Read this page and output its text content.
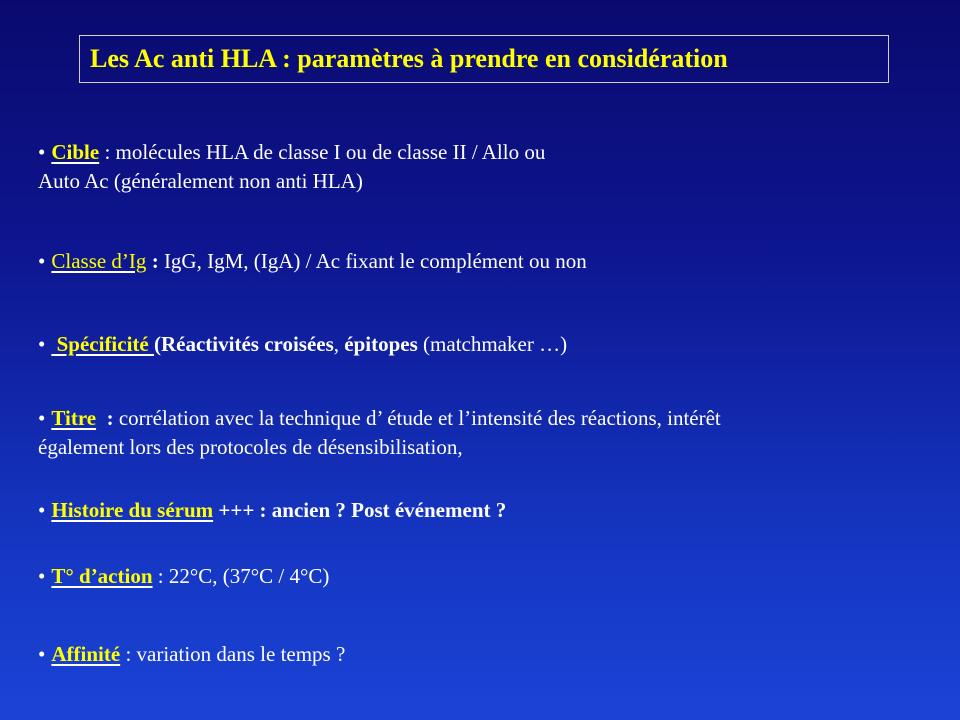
Les Ac anti HLA : paramètres à prendre en considération
• Cible : molécules HLA de classe I ou de classe II / Allo ou
Auto Ac (généralement non anti HLA)
• Classe d’Ig : IgG, IgM, (IgA) / Ac fixant le complément ou non
• Spécificité (Réactivités croisées, épitopes (matchmaker …)
• Titre  : corrélation avec la technique d’ étude et l’intensité des réactions, intérêt
également lors des protocoles de désensibilisation,
• Histoire du sérum +++ : ancien ? Post événement ?
• T° d’action : 22°C, (37°C / 4°C)
• Affinité : variation dans le temps ?
